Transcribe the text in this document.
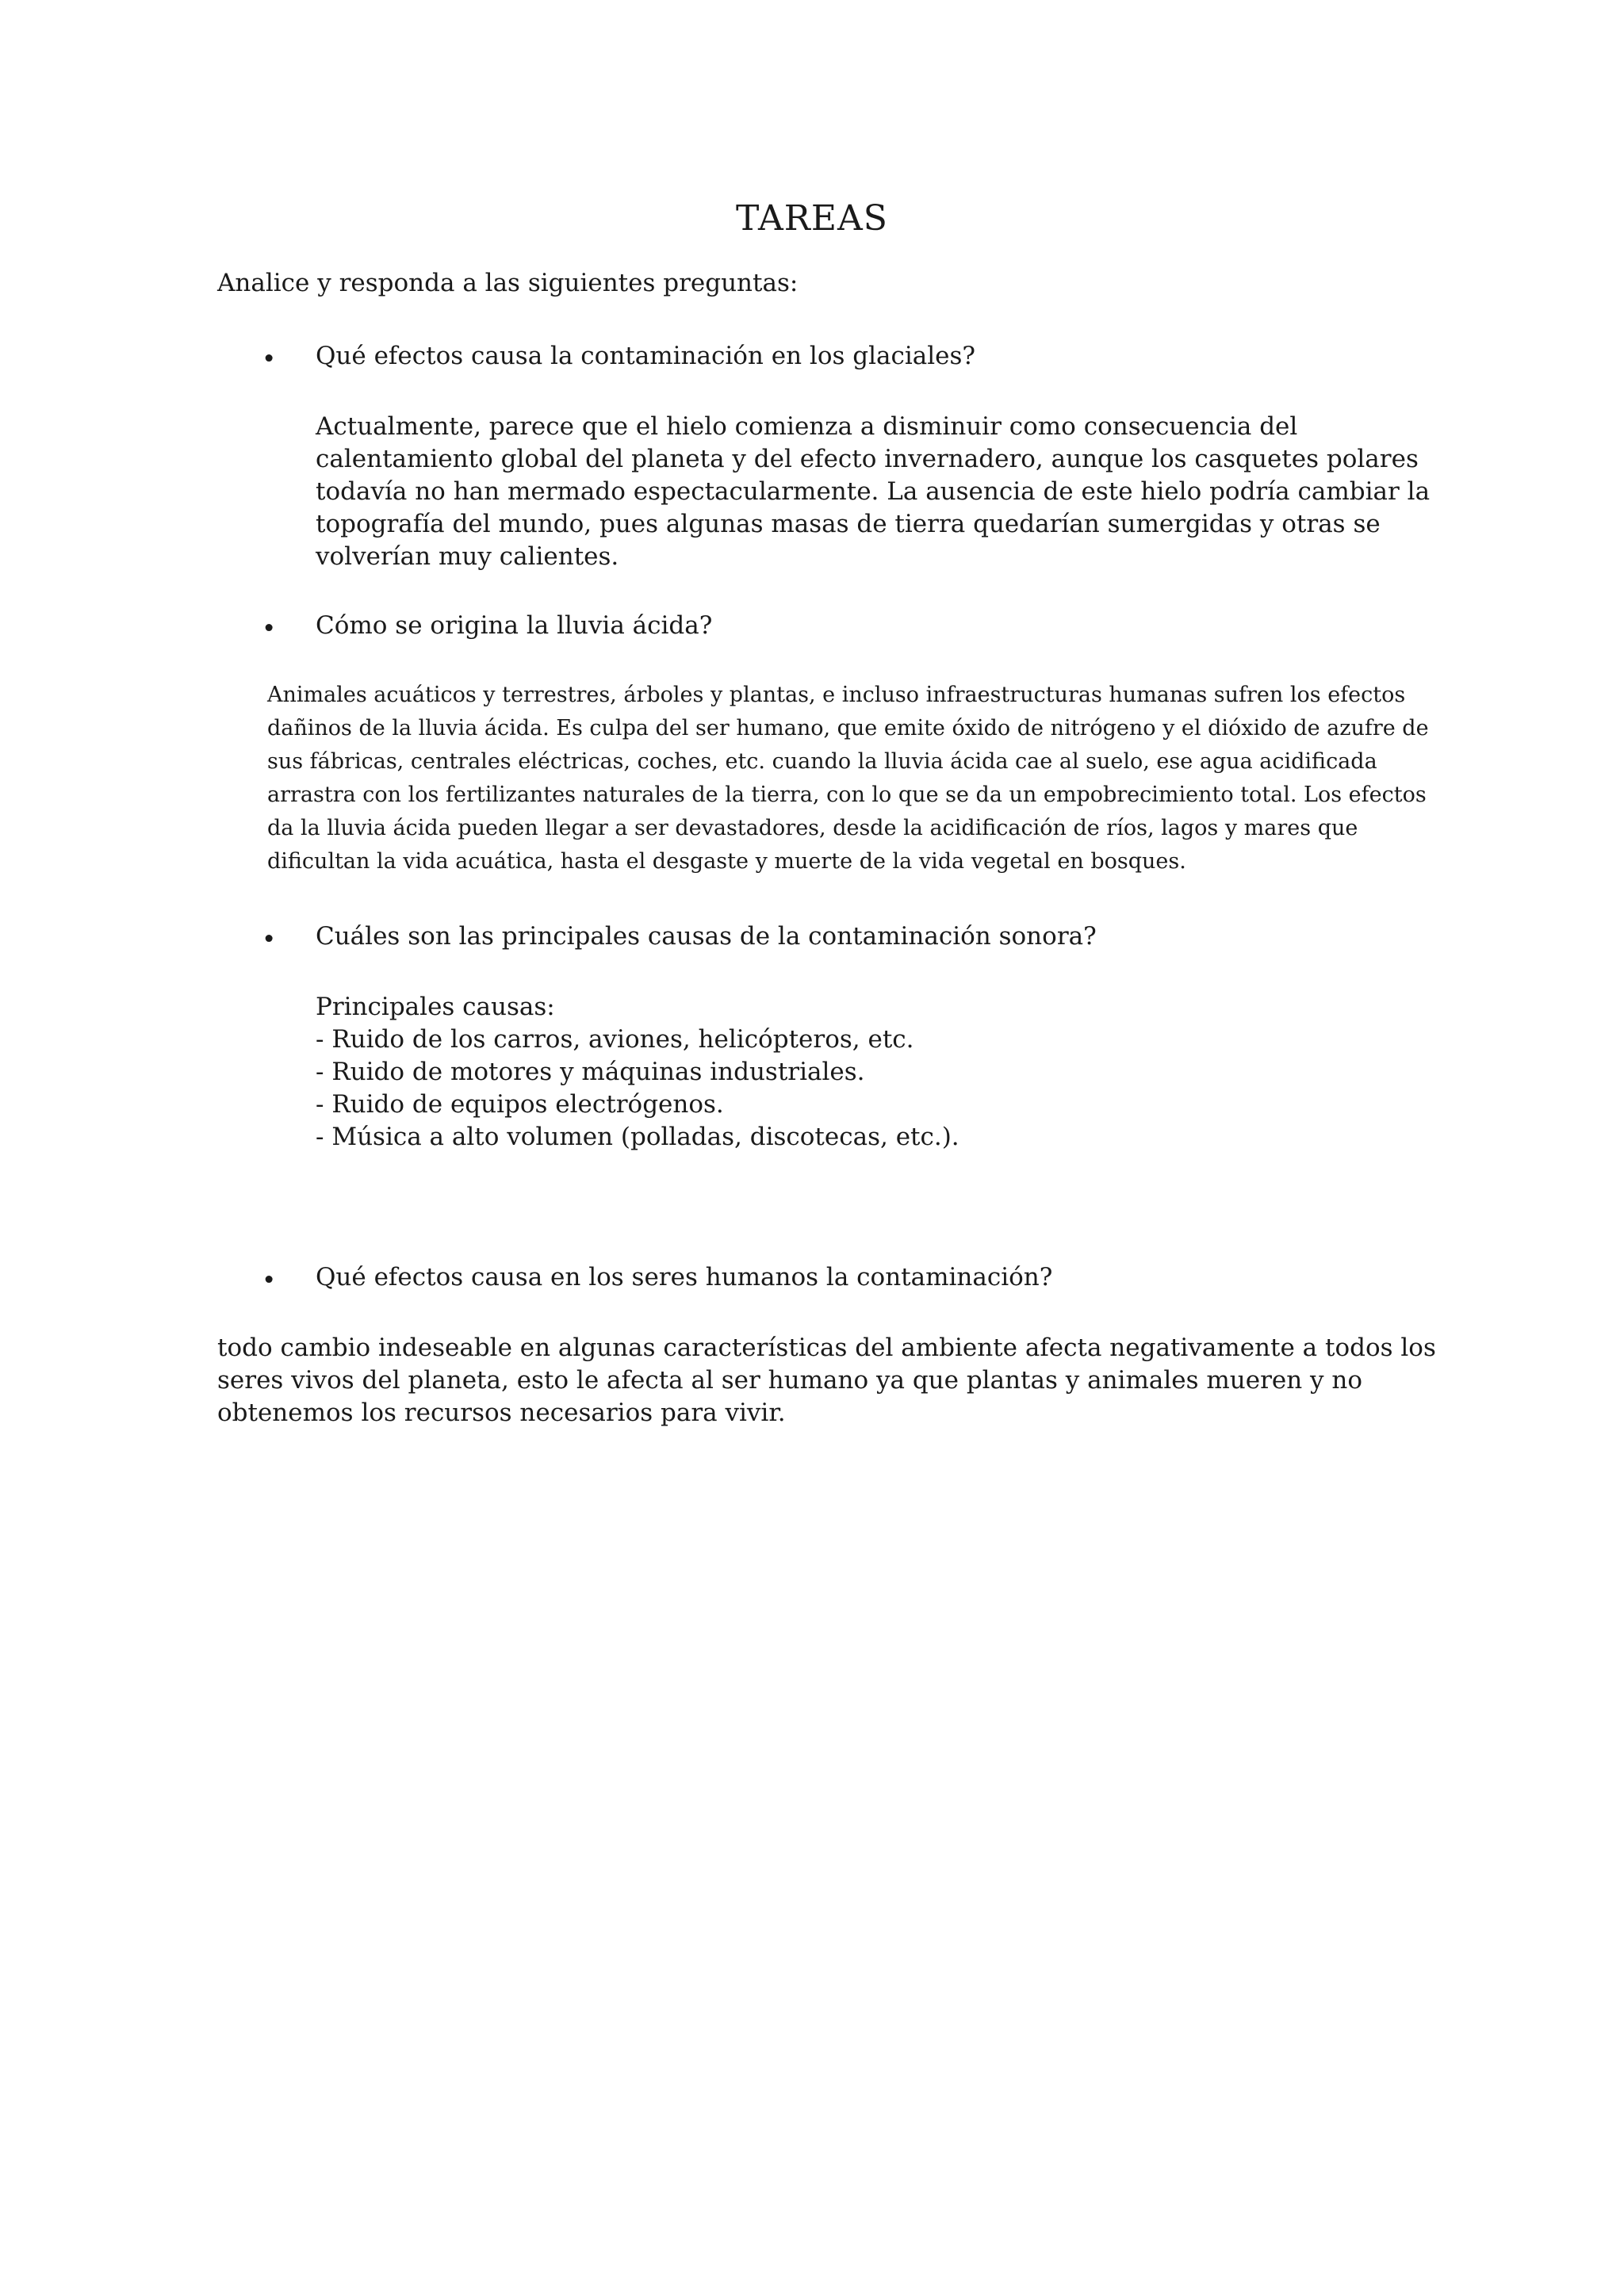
TAREAS
Analice y responda a las siguientes preguntas:
• Qué efectos causa la contaminación en los glaciales?
Actualmente, parece que el hielo comienza a disminuir como consecuencia del
calentamiento global del planeta y del efecto invernadero, aunque los casquetes polares
todavía no han mermado espectacularmente. La ausencia de este hielo podría cambiar la
topografía del mundo, pues algunas masas de tierra quedarían sumergidas y otras se
volverían muy calientes.
• Cómo se origina la lluvia ácida?
Animales acuáticos y terrestres, árboles y plantas, e incluso infraestructuras humanas sufren los efectos
dañinos de la lluvia ácida. Es culpa del ser humano, que emite óxido de nitrógeno y el dióxido de azufre de
sus fábricas, centrales eléctricas, coches, etc. cuando la lluvia ácida cae al suelo, ese agua acidificada
arrastra con los fertilizantes naturales de la tierra, con lo que se da un empobrecimiento total. Los efectos
da la lluvia ácida pueden llegar a ser devastadores, desde la acidificación de ríos, lagos y mares que
dificultan la vida acuática, hasta el desgaste y muerte de la vida vegetal en bosques.
• Cuáles son las principales causas de la contaminación sonora?
Principales causas:
- Ruido de los carros, aviones, helicópteros, etc.
- Ruido de motores y máquinas industriales.
- Ruido de equipos electrógenos.
- Música a alto volumen (polladas, discotecas, etc.).
• Qué efectos causa en los seres humanos la contaminación?
todo cambio indeseable en algunas características del ambiente afecta negativamente a todos los
seres vivos del planeta, esto le afecta al ser humano ya que plantas y animales mueren y no
obtenemos los recursos necesarios para vivir.
